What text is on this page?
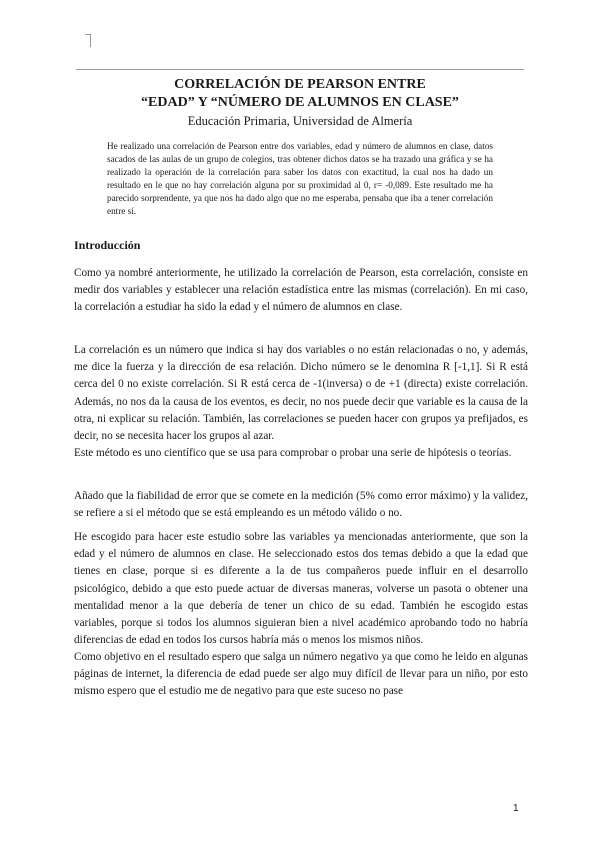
CORRELACIÓN DE PEARSON ENTRE
“EDAD” Y “NÚMERO DE ALUMNOS EN CLASE”
Educación Primaria, Universidad de Almería

He realizado una correlación de Pearson entre dos variables, edad y número de alumnos en clase, datos sacados de las aulas de un grupo de colegios, tras obtener dichos datos se ha trazado una gráfica y se ha realizado la operación de la correlación para saber los datos con exactitud, la cual nos ha dado un resultado en le que no hay correlación alguna por su proximidad al 0, r= -0,089. Este resultado me ha parecido sorprendente, ya que nos ha dado algo que no me esperaba, pensaba que iba a tener correlación entre sí.

Introducción

Como ya nombré anteriormente, he utilizado la correlación de Pearson, esta correlación, consiste en medir dos variables y establecer una relación estadística entre las mismas (correlación). En mi caso, la correlación a estudiar ha sido la edad y el número de alumnos en clase.

La correlación es un número que indica si hay dos variables o no están relacionadas o no, y además, me dice la fuerza y la dirección de esa relación. Dicho número se le denomina R [-1,1]. Si R está cerca del 0 no existe correlación. Si R está cerca de -1(inversa) o de +1 (directa) existe correlación. Además, no nos da la causa de los eventos, es decir, no nos puede decir que variable es la causa de la otra, ni explicar su relación. También, las correlaciones se pueden hacer con grupos ya prefijados, es decir, no se necesita hacer los grupos al azar.

Este método es uno científico que se usa para comprobar o probar una serie de hipótesis o teorías.

Añado que la fiabilidad de error que se comete en la medición (5% como error máximo) y la validez, se refiere a si el método que se está empleando es un método válido o no.

He escogido para hacer este estudio sobre las variables ya mencionadas anteriormente, que son la edad y el número de alumnos en clase. He seleccionado estos dos temas debido a que la edad que tienes en clase, porque si es diferente a la de tus compañeros puede influir en el desarrollo psicológico, debido a que esto puede actuar de diversas maneras, volverse un pasota o obtener una mentalidad menor a la que debería de tener un chico de su edad. También he escogido estas variables, porque si todos los alumnos siguieran bien a nivel académico aprobando todo no habría diferencias de edad en todos los cursos habría más o menos los mismos niños.

Como objetivo en el resultado espero que salga un número negativo ya que como he leido en algunas páginas de internet, la diferencia de edad puede ser algo muy difícil de llevar para un niño, por esto mismo espero que el estudio me de negativo para que este suceso no pase

1
